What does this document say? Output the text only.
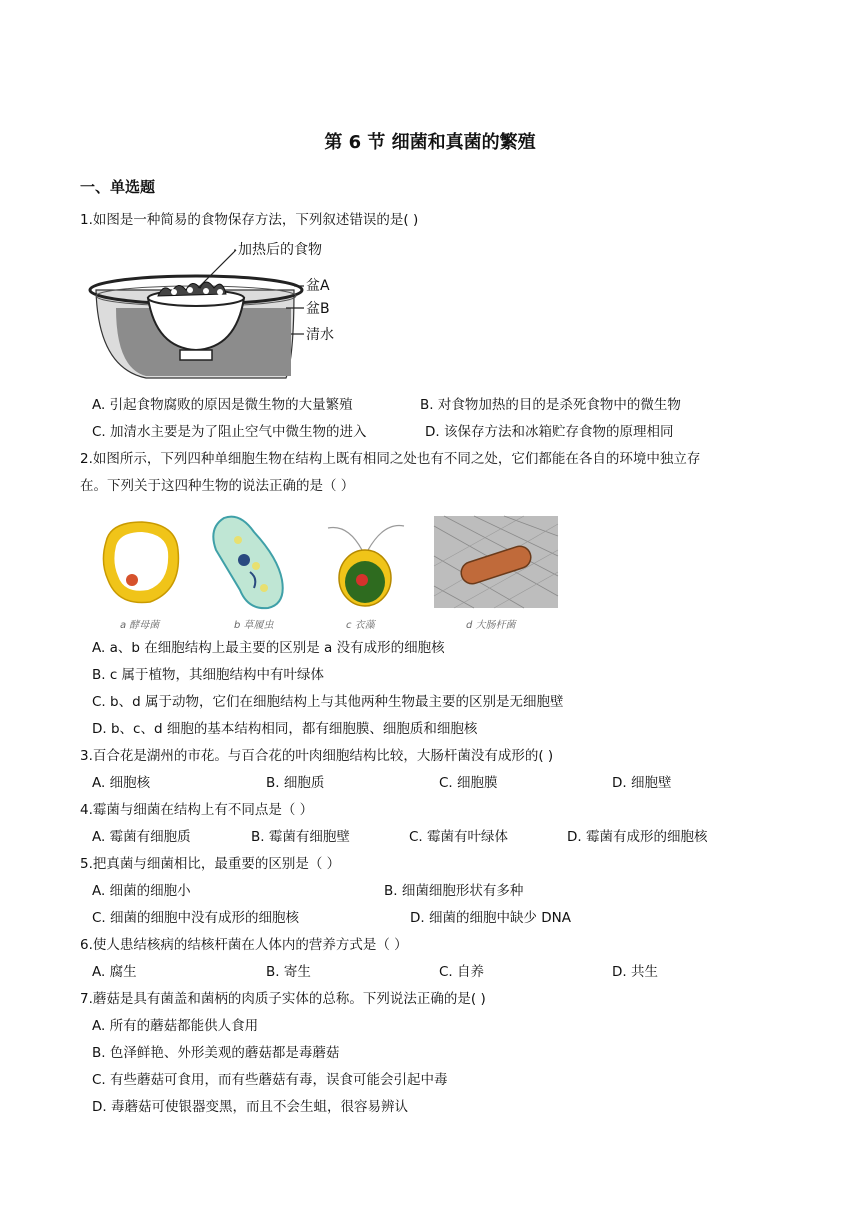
第 6 节 细菌和真菌的繁殖
一、单选题
1.如图是一种简易的食物保存方法，下列叙述错误的是( )
加热后的食物
盆A
盆B
清水
A. 引起食物腐败的原因是微生物的大量繁殖	B. 对食物加热的目的是杀死食物中的微生物
C. 加清水主要是为了阻止空气中微生物的进入	D. 该保存方法和冰箱贮存食物的原理相同
2.如图所示，下列四种单细胞生物在结构上既有相同之处也有不同之处，它们都能在各自的环境中独立存
在。下列关于这四种生物的说法正确的是（ ）
a 酵母菌	b 草履虫	c 衣藻	d 大肠杆菌
A. a、b 在细胞结构上最主要的区别是 a 没有成形的细胞核
B. c 属于植物，其细胞结构中有叶绿体
C. b、d 属于动物，它们在细胞结构上与其他两种生物最主要的区别是无细胞壁
D. b、c、d 细胞的基本结构相同，都有细胞膜、细胞质和细胞核
3.百合花是湖州的市花。与百合花的叶肉细胞结构比较，大肠杆菌没有成形的( )
A. 细胞核	B. 细胞质	C. 细胞膜	D. 细胞壁
4.霉菌与细菌在结构上有不同点是（ ）
A. 霉菌有细胞质	B. 霉菌有细胞壁	C. 霉菌有叶绿体	D. 霉菌有成形的细胞核
5.把真菌与细菌相比，最重要的区别是（ ）
A. 细菌的细胞小	B. 细菌细胞形状有多种
C. 细菌的细胞中没有成形的细胞核	D. 细菌的细胞中缺少 DNA
6.使人患结核病的结核杆菌在人体内的营养方式是（ ）
A. 腐生	B. 寄生	C. 自养	D. 共生
7.蘑菇是具有菌盖和菌柄的肉质子实体的总称。下列说法正确的是( )
A. 所有的蘑菇都能供人食用
B. 色泽鲜艳、外形美观的蘑菇都是毒蘑菇
C. 有些蘑菇可食用，而有些蘑菇有毒，误食可能会引起中毒
D. 毒蘑菇可使银器变黑，而且不会生蛆，很容易辨认
